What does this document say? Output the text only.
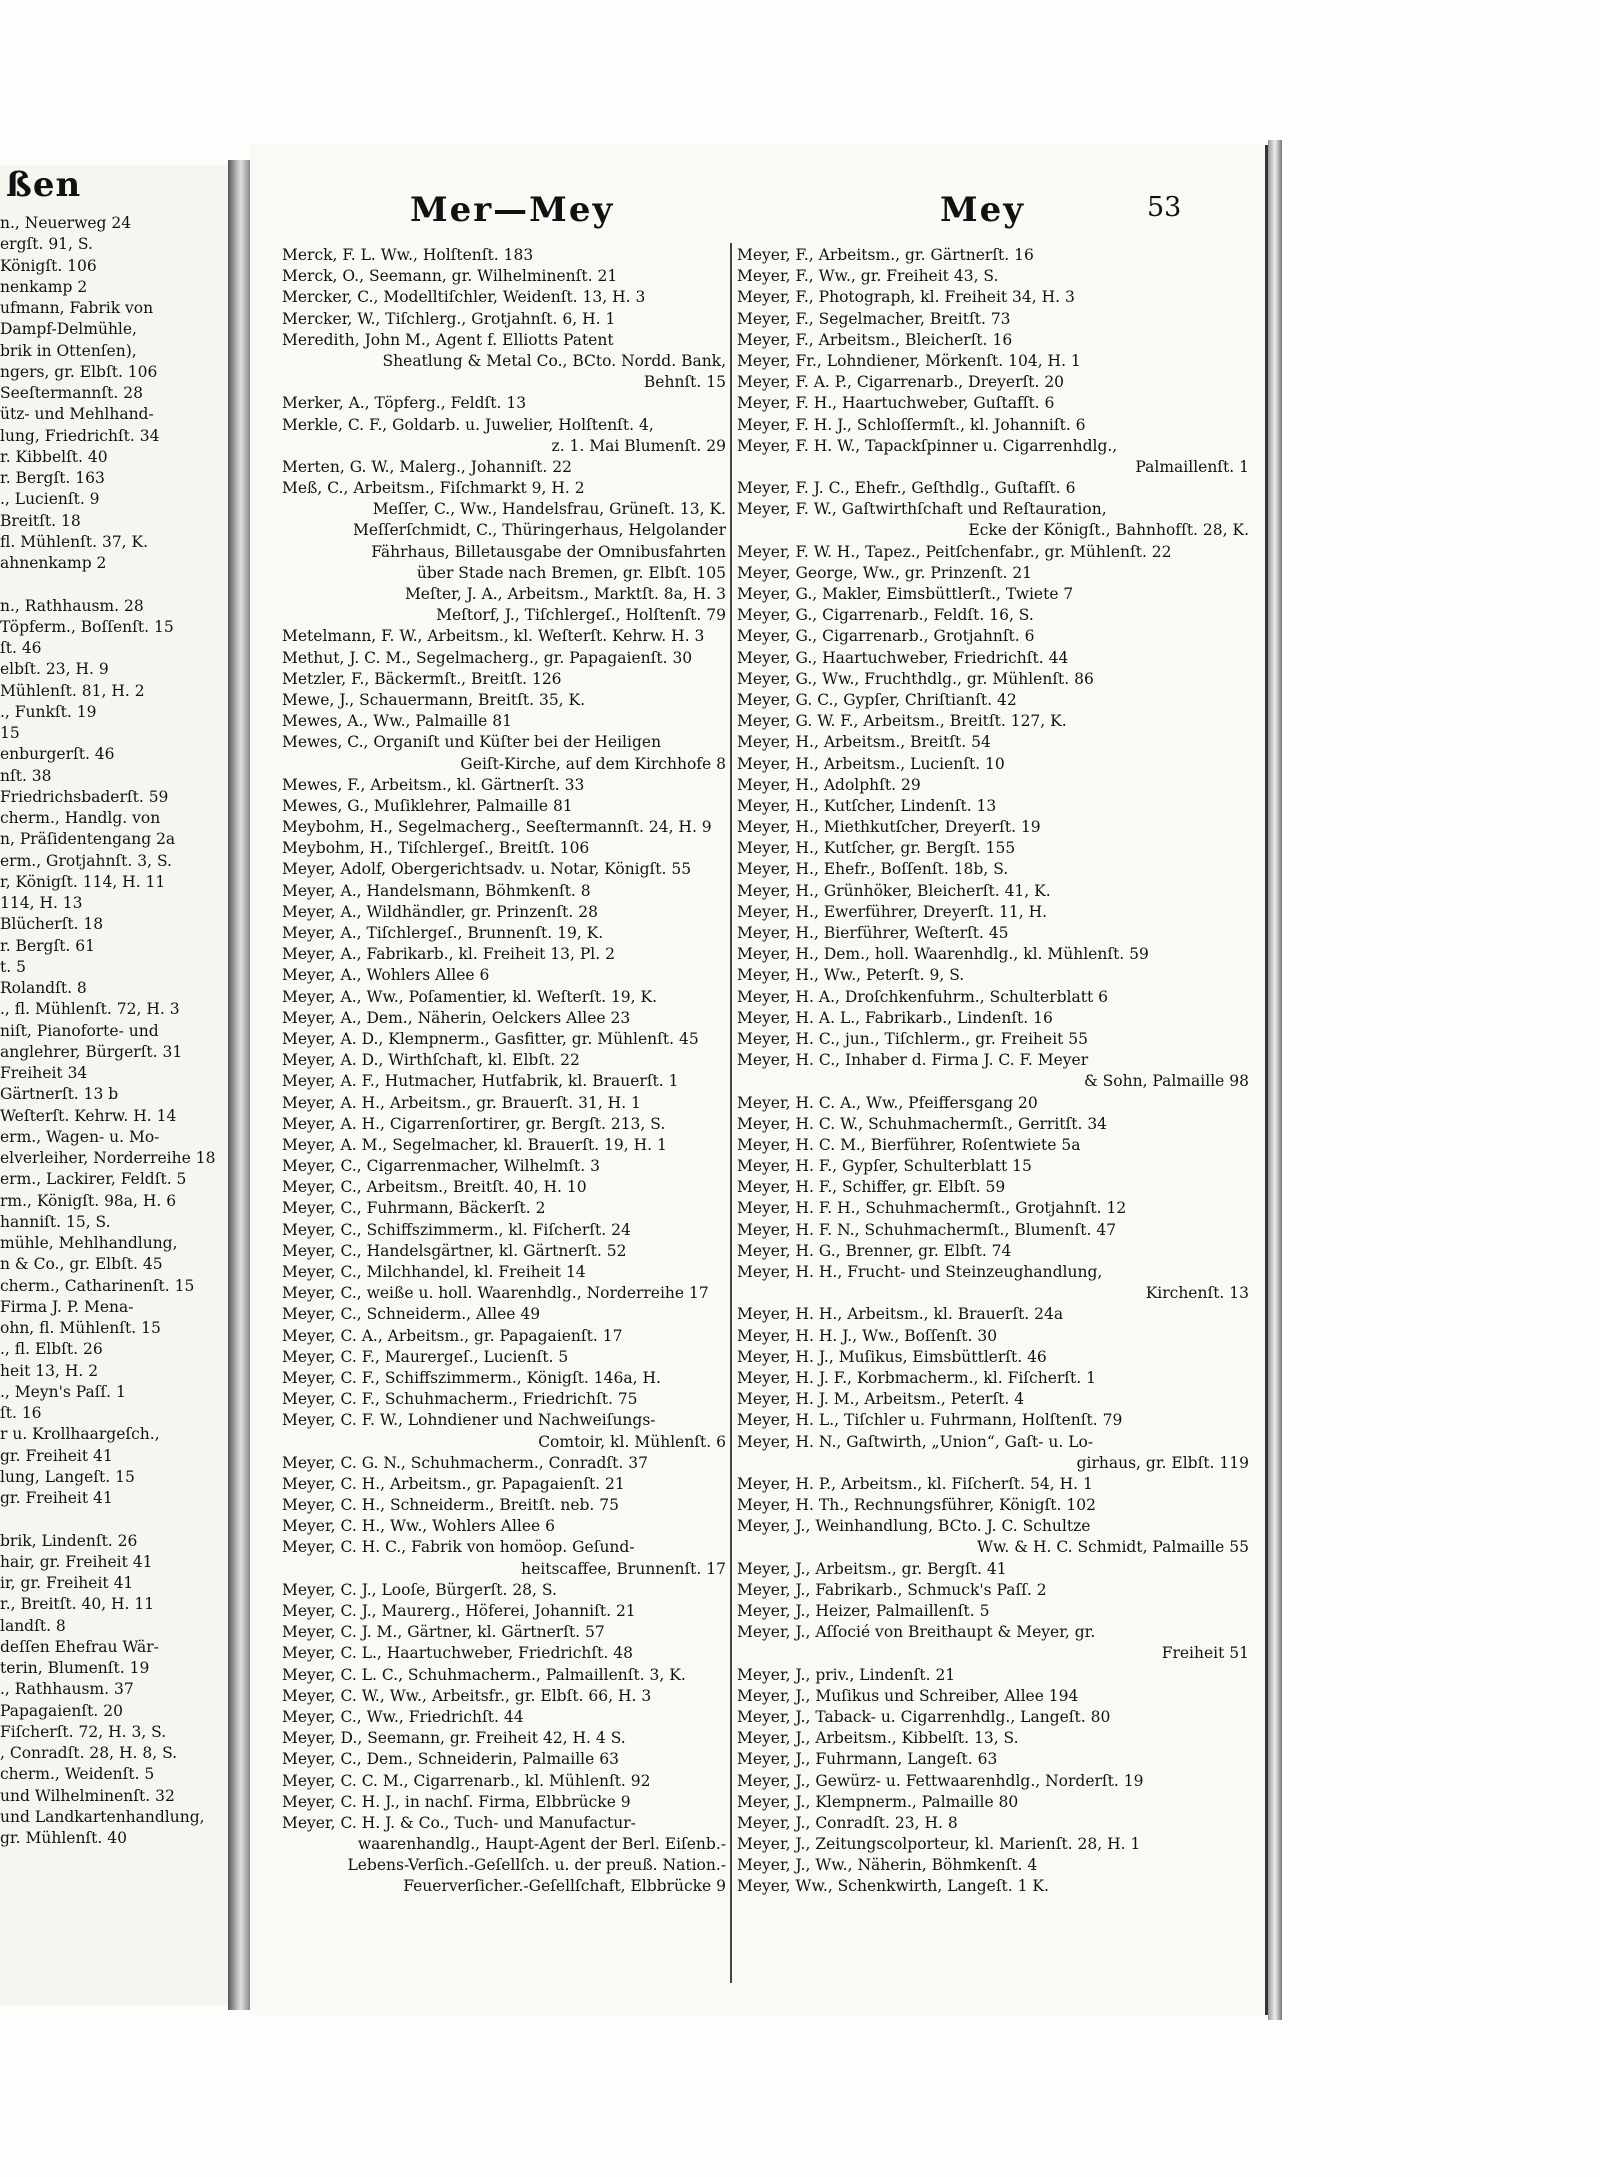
ßen
n., Neuerweg 24
ergſt. 91, S.
Königſt. 106
nenkamp 2
ufmann, Fabrik von
Dampf-Delmühle,
brik in Ottenſen),
ngers, gr. Elbſt. 106
Seeſtermannſt. 28
ütz- und Mehlhand-
lung, Friedrichſt. 34
r. Kibbelſt. 40
r. Bergſt. 163
., Lucienſt. 9
Breitſt. 18
fl. Mühlenſt. 37, K.
ahnenkamp 2
n., Rathhausm. 28
Töpferm., Boſſenſt. 15
ſt. 46
elbſt. 23, H. 9
Mühlenſt. 81, H. 2
., Funkſt. 19
15
enburgerſt. 46
nſt. 38
Friedrichsbaderſt. 59
cherm., Handlg. von
n, Präſidentengang 2a
erm., Grotjahnſt. 3, S.
r, Königſt. 114, H. 11
114, H. 13
Blücherſt. 18
r. Bergſt. 61
t. 5
Rolandſt. 8
., fl. Mühlenſt. 72, H. 3
niſt, Pianoforte- und
anglehrer, Bürgerſt. 31
Freiheit 34
Gärtnerſt. 13 b
Weſterſt. Kehrw. H. 14
erm., Wagen- u. Mo-
elverleiher, Norderreihe 18
erm., Lackirer, Feldſt. 5
rm., Königſt. 98a, H. 6
hanniſt. 15, S.
mühle, Mehlhandlung,
n & Co., gr. Elbſt. 45
cherm., Catharinenſt. 15
Firma J. P. Mena-
ohn, fl. Mühlenſt. 15
., fl. Elbſt. 26
heit 13, H. 2
., Meyn's Paſſ. 1
ſt. 16
r u. Krollhaargeſch.,
gr. Freiheit 41
lung, Langeſt. 15
gr. Freiheit 41
brik, Lindenſt. 26
hair, gr. Freiheit 41
ir, gr. Freiheit 41
r., Breitſt. 40, H. 11
landſt. 8
deſſen Ehefrau Wär-
terin, Blumenſt. 19
., Rathhausm. 37
Papagaienſt. 20
Fiſcherſt. 72, H. 3, S.
, Conradſt. 28, H. 8, S.
cherm., Weidenſt. 5
und Wilhelminenſt. 32
und Landkartenhandlung,
gr. Mühlenſt. 40
Mer—Mey	Mey	53
Merck, F. L. Ww., Holſtenſt. 183
Merck, O., Seemann, gr. Wilhelminenſt. 21
Mercker, C., Modelltiſchler, Weidenſt. 13, H. 3
Mercker, W., Tiſchlerg., Grotjahnſt. 6, H. 1
Meredith, John M., Agent f. Elliotts Patent
Sheatlung & Metal Co., BCto. Nordd. Bank,
Behnſt. 15
Merker, A., Töpferg., Feldſt. 13
Merkle, C. F., Goldarb. u. Juwelier, Holſtenſt. 4,
z. 1. Mai Blumenſt. 29
Merten, G. W., Malerg., Johanniſt. 22
Meß, C., Arbeitsm., Fiſchmarkt 9, H. 2
Meſſer, C., Ww., Handelsfrau, Grüneſt. 13, K.
Meſſerſchmidt, C., Thüringerhaus, Helgolander
Fährhaus, Billetausgabe der Omnibusfahrten
über Stade nach Bremen, gr. Elbſt. 105
Meſter, J. A., Arbeitsm., Marktſt. 8a, H. 3
Meſtorf, J., Tiſchlergeſ., Holſtenſt. 79
Metelmann, F. W., Arbeitsm., kl. Weſterſt. Kehrw. H. 3
Methut, J. C. M., Segelmacherg., gr. Papagaienſt. 30
Metzler, F., Bäckermſt., Breitſt. 126
Mewe, J., Schauermann, Breitſt. 35, K.
Mewes, A., Ww., Palmaille 81
Mewes, C., Organiſt und Küſter bei der Heiligen
Geiſt-Kirche, auf dem Kirchhofe 8
Mewes, F., Arbeitsm., kl. Gärtnerſt. 33
Mewes, G., Muſiklehrer, Palmaille 81
Meybohm, H., Segelmacherg., Seeſtermannſt. 24, H. 9
Meybohm, H., Tiſchlergeſ., Breitſt. 106
Meyer, Adolf, Obergerichtsadv. u. Notar, Königſt. 55
Meyer, A., Handelsmann, Böhmkenſt. 8
Meyer, A., Wildhändler, gr. Prinzenſt. 28
Meyer, A., Tiſchlergeſ., Brunnenſt. 19, K.
Meyer, A., Fabrikarb., kl. Freiheit 13, Pl. 2
Meyer, A., Wohlers Allee 6
Meyer, A., Ww., Poſamentier, kl. Weſterſt. 19, K.
Meyer, A., Dem., Näherin, Oelckers Allee 23
Meyer, A. D., Klempnerm., Gasfitter, gr. Mühlenſt. 45
Meyer, A. D., Wirthſchaft, kl. Elbſt. 22
Meyer, A. F., Hutmacher, Hutfabrik, kl. Brauerſt. 1
Meyer, A. H., Arbeitsm., gr. Brauerſt. 31, H. 1
Meyer, A. H., Cigarrenſortirer, gr. Bergſt. 213, S.
Meyer, A. M., Segelmacher, kl. Brauerſt. 19, H. 1
Meyer, C., Cigarrenmacher, Wilhelmſt. 3
Meyer, C., Arbeitsm., Breitſt. 40, H. 10
Meyer, C., Fuhrmann, Bäckerſt. 2
Meyer, C., Schiffszimmerm., kl. Fiſcherſt. 24
Meyer, C., Handelsgärtner, kl. Gärtnerſt. 52
Meyer, C., Milchhandel, kl. Freiheit 14
Meyer, C., weiße u. holl. Waarenhdlg., Norderreihe 17
Meyer, C., Schneiderm., Allee 49
Meyer, C. A., Arbeitsm., gr. Papagaienſt. 17
Meyer, C. F., Maurergeſ., Lucienſt. 5
Meyer, C. F., Schiffszimmerm., Königſt. 146a, H.
Meyer, C. F., Schuhmacherm., Friedrichſt. 75
Meyer, C. F. W., Lohndiener und Nachweiſungs-
Comtoir, kl. Mühlenſt. 6
Meyer, C. G. N., Schuhmacherm., Conradſt. 37
Meyer, C. H., Arbeitsm., gr. Papagaienſt. 21
Meyer, C. H., Schneiderm., Breitſt. neb. 75
Meyer, C. H., Ww., Wohlers Allee 6
Meyer, C. H. C., Fabrik von homöop. Geſund-
heitscaffee, Brunnenſt. 17
Meyer, C. J., Looſe, Bürgerſt. 28, S.
Meyer, C. J., Maurerg., Höferei, Johanniſt. 21
Meyer, C. J. M., Gärtner, kl. Gärtnerſt. 57
Meyer, C. L., Haartuchweber, Friedrichſt. 48
Meyer, C. L. C., Schuhmacherm., Palmaillenſt. 3, K.
Meyer, C. W., Ww., Arbeitsfr., gr. Elbſt. 66, H. 3
Meyer, C., Ww., Friedrichſt. 44
Meyer, D., Seemann, gr. Freiheit 42, H. 4 S.
Meyer, C., Dem., Schneiderin, Palmaille 63
Meyer, C. C. M., Cigarrenarb., kl. Mühlenſt. 92
Meyer, C. H. J., in nachſ. Firma, Elbbrücke 9
Meyer, C. H. J. & Co., Tuch- und Manufactur-
waarenhandlg., Haupt-Agent der Berl. Eiſenb.-
Lebens-Verſich.-Geſellſch. u. der preuß. Nation.-
Feuerverſicher.-Geſellſchaft, Elbbrücke 9
Meyer, F., Arbeitsm., gr. Gärtnerſt. 16
Meyer, F., Ww., gr. Freiheit 43, S.
Meyer, F., Photograph, kl. Freiheit 34, H. 3
Meyer, F., Segelmacher, Breitſt. 73
Meyer, F., Arbeitsm., Bleicherſt. 16
Meyer, Fr., Lohndiener, Mörkenſt. 104, H. 1
Meyer, F. A. P., Cigarrenarb., Dreyerſt. 20
Meyer, F. H., Haartuchweber, Guſtafſt. 6
Meyer, F. H. J., Schloſſermſt., kl. Johanniſt. 6
Meyer, F. H. W., Tapackſpinner u. Cigarrenhdlg.,
Palmaillenſt. 1
Meyer, F. J. C., Ehefr., Geſthdlg., Guſtafſt. 6
Meyer, F. W., Gaſtwirthſchaft und Reſtauration,
Ecke der Königſt., Bahnhofſt. 28, K.
Meyer, F. W. H., Tapez., Peitſchenfabr., gr. Mühlenſt. 22
Meyer, George, Ww., gr. Prinzenſt. 21
Meyer, G., Makler, Eimsbüttlerſt., Twiete 7
Meyer, G., Cigarrenarb., Feldſt. 16, S.
Meyer, G., Cigarrenarb., Grotjahnſt. 6
Meyer, G., Haartuchweber, Friedrichſt. 44
Meyer, G., Ww., Fruchthdlg., gr. Mühlenſt. 86
Meyer, G. C., Gypſer, Chriſtianſt. 42
Meyer, G. W. F., Arbeitsm., Breitſt. 127, K.
Meyer, H., Arbeitsm., Breitſt. 54
Meyer, H., Arbeitsm., Lucienſt. 10
Meyer, H., Adolphſt. 29
Meyer, H., Kutſcher, Lindenſt. 13
Meyer, H., Miethkutſcher, Dreyerſt. 19
Meyer, H., Kutſcher, gr. Bergſt. 155
Meyer, H., Ehefr., Boſſenſt. 18b, S.
Meyer, H., Grünhöker, Bleicherſt. 41, K.
Meyer, H., Ewerführer, Dreyerſt. 11, H.
Meyer, H., Bierführer, Weſterſt. 45
Meyer, H., Dem., holl. Waarenhdlg., kl. Mühlenſt. 59
Meyer, H., Ww., Peterſt. 9, S.
Meyer, H. A., Droſchkenfuhrm., Schulterblatt 6
Meyer, H. A. L., Fabrikarb., Lindenſt. 16
Meyer, H. C., jun., Tiſchlerm., gr. Freiheit 55
Meyer, H. C., Inhaber d. Firma J. C. F. Meyer
& Sohn, Palmaille 98
Meyer, H. C. A., Ww., Pfeiffersgang 20
Meyer, H. C. W., Schuhmachermſt., Gerritſt. 34
Meyer, H. C. M., Bierführer, Roſentwiete 5a
Meyer, H. F., Gypſer, Schulterblatt 15
Meyer, H. F., Schiffer, gr. Elbſt. 59
Meyer, H. F. H., Schuhmachermſt., Grotjahnſt. 12
Meyer, H. F. N., Schuhmachermſt., Blumenſt. 47
Meyer, H. G., Brenner, gr. Elbſt. 74
Meyer, H. H., Frucht- und Steinzeughandlung,
Kirchenſt. 13
Meyer, H. H., Arbeitsm., kl. Brauerſt. 24a
Meyer, H. H. J., Ww., Boſſenſt. 30
Meyer, H. J., Muſikus, Eimsbüttlerſt. 46
Meyer, H. J. F., Korbmacherm., kl. Fiſcherſt. 1
Meyer, H. J. M., Arbeitsm., Peterſt. 4
Meyer, H. L., Tiſchler u. Fuhrmann, Holſtenſt. 79
Meyer, H. N., Gaſtwirth, „Union“, Gaſt- u. Lo-
girhaus, gr. Elbſt. 119
Meyer, H. P., Arbeitsm., kl. Fiſcherſt. 54, H. 1
Meyer, H. Th., Rechnungsführer, Königſt. 102
Meyer, J., Weinhandlung, BCto. J. C. Schultze
Ww. & H. C. Schmidt, Palmaille 55
Meyer, J., Arbeitsm., gr. Bergſt. 41
Meyer, J., Fabrikarb., Schmuck's Paſſ. 2
Meyer, J., Heizer, Palmaillenſt. 5
Meyer, J., Aſſocié von Breithaupt & Meyer, gr.
Freiheit 51
Meyer, J., priv., Lindenſt. 21
Meyer, J., Muſikus und Schreiber, Allee 194
Meyer, J., Taback- u. Cigarrenhdlg., Langeſt. 80
Meyer, J., Arbeitsm., Kibbelſt. 13, S.
Meyer, J., Fuhrmann, Langeſt. 63
Meyer, J., Gewürz- u. Fettwaarenhdlg., Norderſt. 19
Meyer, J., Klempnerm., Palmaille 80
Meyer, J., Conradſt. 23, H. 8
Meyer, J., Zeitungscolporteur, kl. Marienſt. 28, H. 1
Meyer, J., Ww., Näherin, Böhmkenſt. 4
Meyer, Ww., Schenkwirth, Langeſt. 1 K.
